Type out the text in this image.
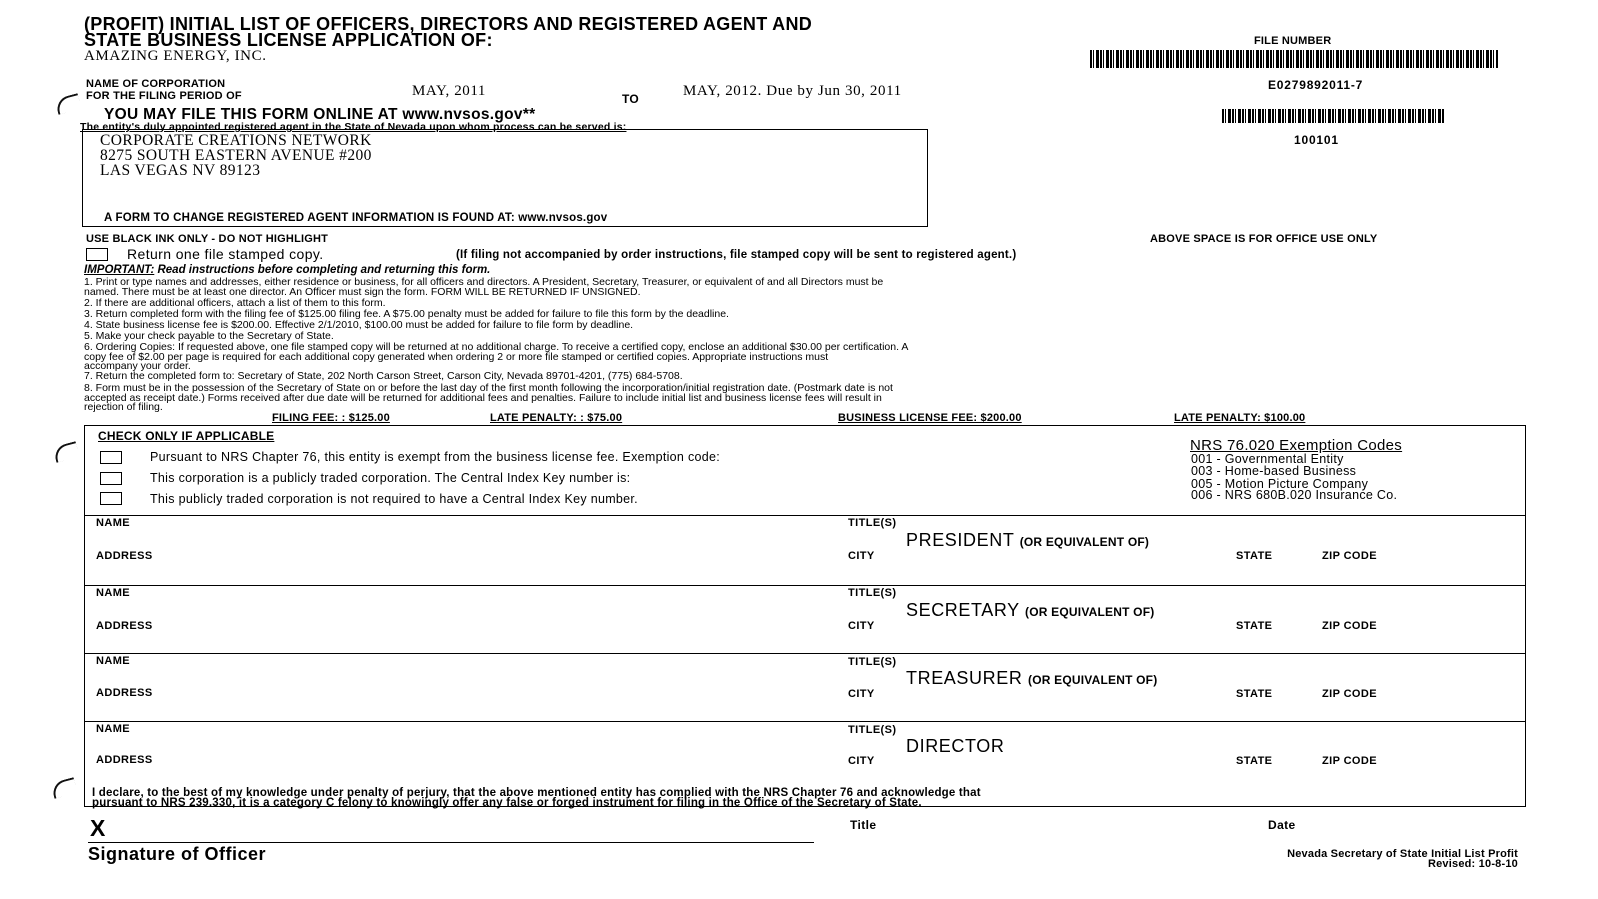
(PROFIT) INITIAL LIST OF OFFICERS, DIRECTORS AND REGISTERED AGENT AND
STATE BUSINESS LICENSE APPLICATION OF:
AMAZING ENERGY, INC.
NAME OF CORPORATION
FOR THE FILING PERIOD OF	MAY, 2011	TO	MAY, 2012. Due by Jun 30, 2011
YOU MAY FILE THIS FORM ONLINE AT www.nvsos.gov**
The entity's duly appointed registered agent in the State of Nevada upon whom process can be served is:
FILE NUMBER
E0279892011-7
100101
ABOVE SPACE IS FOR OFFICE USE ONLY
CORPORATE CREATIONS NETWORK
8275 SOUTH EASTERN AVENUE #200
LAS VEGAS NV 89123
A FORM TO CHANGE REGISTERED AGENT INFORMATION IS FOUND AT: www.nvsos.gov
USE BLACK INK ONLY - DO NOT HIGHLIGHT
Return one file stamped copy.	(If filing not accompanied by order instructions, file stamped copy will be sent to registered agent.)
IMPORTANT: Read instructions before completing and returning this form.
1. Print or type names and addresses, either residence or business, for all officers and directors. A President, Secretary, Treasurer, or equivalent of and all Directors must be
named. There must be at least one director. An Officer must sign the form. FORM WILL BE RETURNED IF UNSIGNED.
2. If there are additional officers, attach a list of them to this form.
3. Return completed form with the filing fee of $125.00 filing fee. A $75.00 penalty must be added for failure to file this form by the deadline.
4. State business license fee is $200.00. Effective 2/1/2010, $100.00 must be added for failure to file form by deadline.
5. Make your check payable to the Secretary of State.
6. Ordering Copies: If requested above, one file stamped copy will be returned at no additional charge. To receive a certified copy, enclose an additional $30.00 per certification. A
copy fee of $2.00 per page is required for each additional copy generated when ordering 2 or more file stamped or certified copies. Appropriate instructions must
accompany your order.
7. Return the completed form to: Secretary of State, 202 North Carson Street, Carson City, Nevada 89701-4201, (775) 684-5708.
8. Form must be in the possession of the Secretary of State on or before the last day of the first month following the incorporation/initial registration date. (Postmark date is not
accepted as receipt date.) Forms received after due date will be returned for additional fees and penalties. Failure to include initial list and business license fees will result in
rejection of filing.
FILING FEE: : $125.00	LATE PENALTY: : $75.00	BUSINESS LICENSE FEE: $200.00	LATE PENALTY: $100.00
CHECK ONLY IF APPLICABLE
Pursuant to NRS Chapter 76, this entity is exempt from the business license fee. Exemption code:
This corporation is a publicly traded corporation. The Central Index Key number is:
This publicly traded corporation is not required to have a Central Index Key number.
NRS 76.020 Exemption Codes
001 - Governmental Entity
003 - Home-based Business
005 - Motion Picture Company
006 - NRS 680B.020 Insurance Co.
NAME	TITLE(S)
PRESIDENT (OR EQUIVALENT OF)
ADDRESS	CITY	STATE	ZIP CODE
NAME	TITLE(S)
SECRETARY (OR EQUIVALENT OF)
ADDRESS	CITY	STATE	ZIP CODE
NAME	TITLE(S)
TREASURER (OR EQUIVALENT OF)
ADDRESS	CITY	STATE	ZIP CODE
NAME	TITLE(S)
DIRECTOR
ADDRESS	CITY	STATE	ZIP CODE
I declare, to the best of my knowledge under penalty of perjury, that the above mentioned entity has complied with the NRS Chapter 76 and acknowledge that
pursuant to NRS 239.330, it is a category C felony to knowingly offer any false or forged instrument for filing in the Office of the Secretary of State.
X
Signature of Officer
Title	Date
Nevada Secretary of State Initial List Profit
Revised: 10-8-10
